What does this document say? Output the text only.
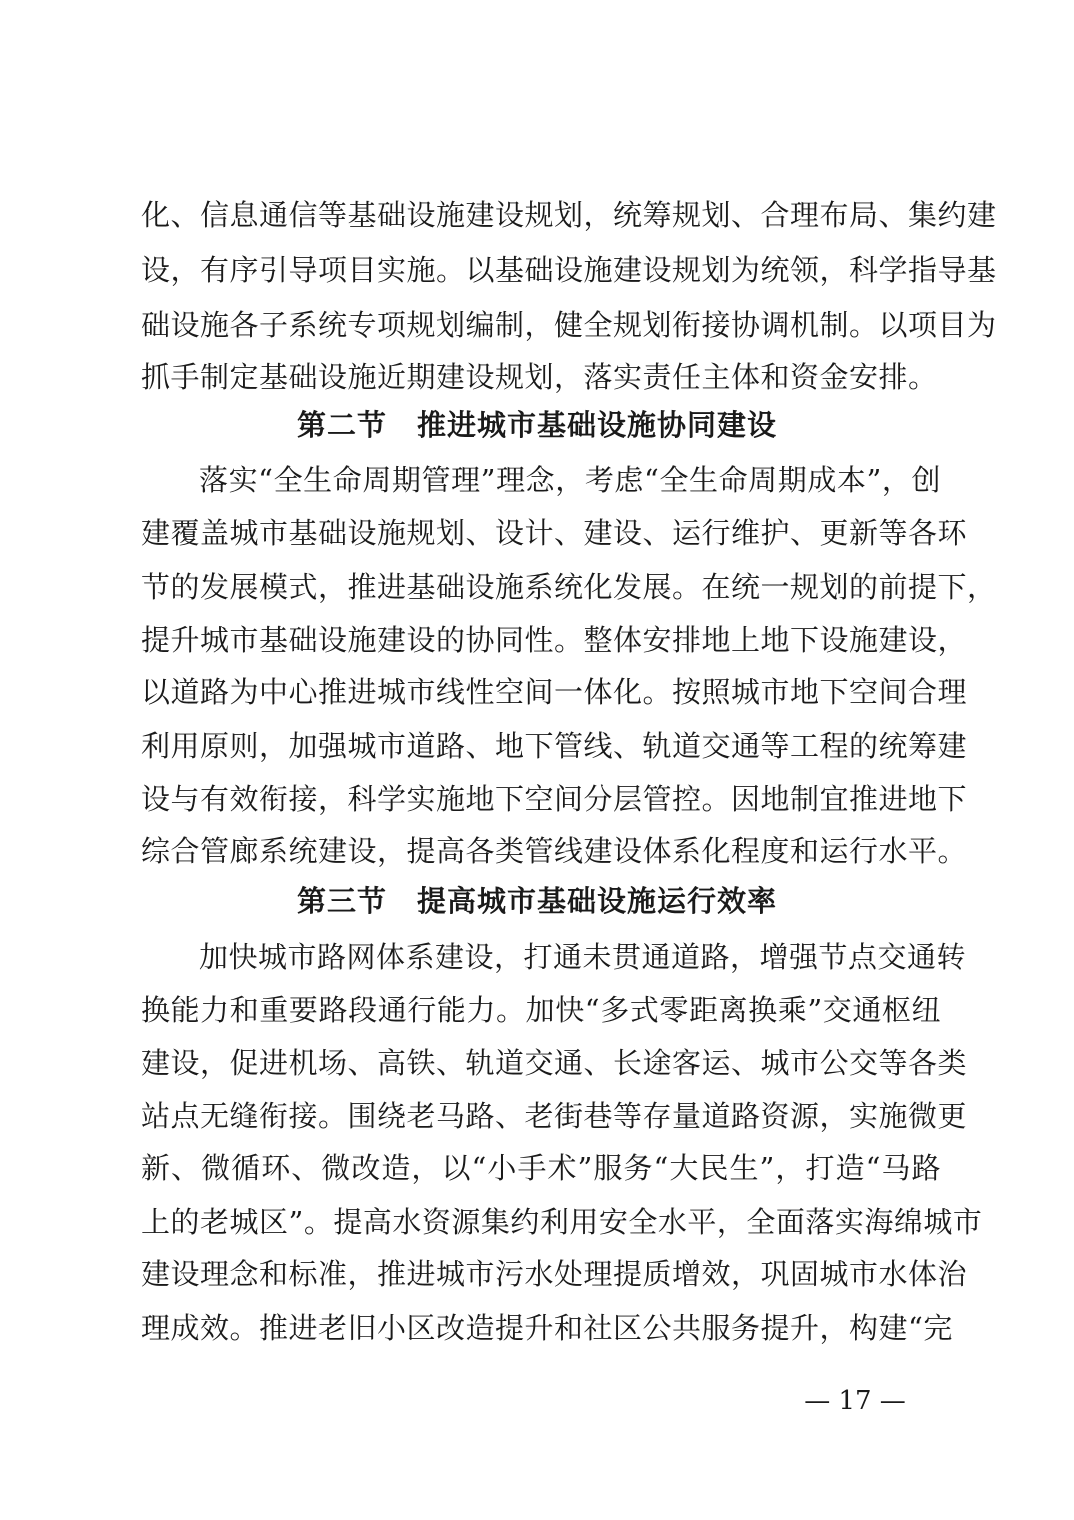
化、信息通信等基础设施建设规划，统筹规划、合理布局、集约建
设，有序引导项目实施。以基础设施建设规划为统领，科学指导基
础设施各子系统专项规划编制，健全规划衔接协调机制。以项目为
抓手制定基础设施近期建设规划，落实责任主体和资金安排。
第二节　推进城市基础设施协同建设
落实“全生命周期管理”理念，考虑“全生命周期成本”，创
建覆盖城市基础设施规划、设计、建设、运行维护、更新等各环
节的发展模式，推进基础设施系统化发展。在统一规划的前提下，
提升城市基础设施建设的协同性。整体安排地上地下设施建设，
以道路为中心推进城市线性空间一体化。按照城市地下空间合理
利用原则，加强城市道路、地下管线、轨道交通等工程的统筹建
设与有效衔接，科学实施地下空间分层管控。因地制宜推进地下
综合管廊系统建设，提高各类管线建设体系化程度和运行水平。
第三节　提高城市基础设施运行效率
加快城市路网体系建设，打通未贯通道路，增强节点交通转
换能力和重要路段通行能力。加快“多式零距离换乘”交通枢纽
建设，促进机场、高铁、轨道交通、长途客运、城市公交等各类
站点无缝衔接。围绕老马路、老街巷等存量道路资源，实施微更
新、微循环、微改造，以“小手术”服务“大民生”，打造“马路
上的老城区”。提高水资源集约利用安全水平，全面落实海绵城市
建设理念和标准，推进城市污水处理提质增效，巩固城市水体治
理成效。推进老旧小区改造提升和社区公共服务提升，构建“完
— 17 —
